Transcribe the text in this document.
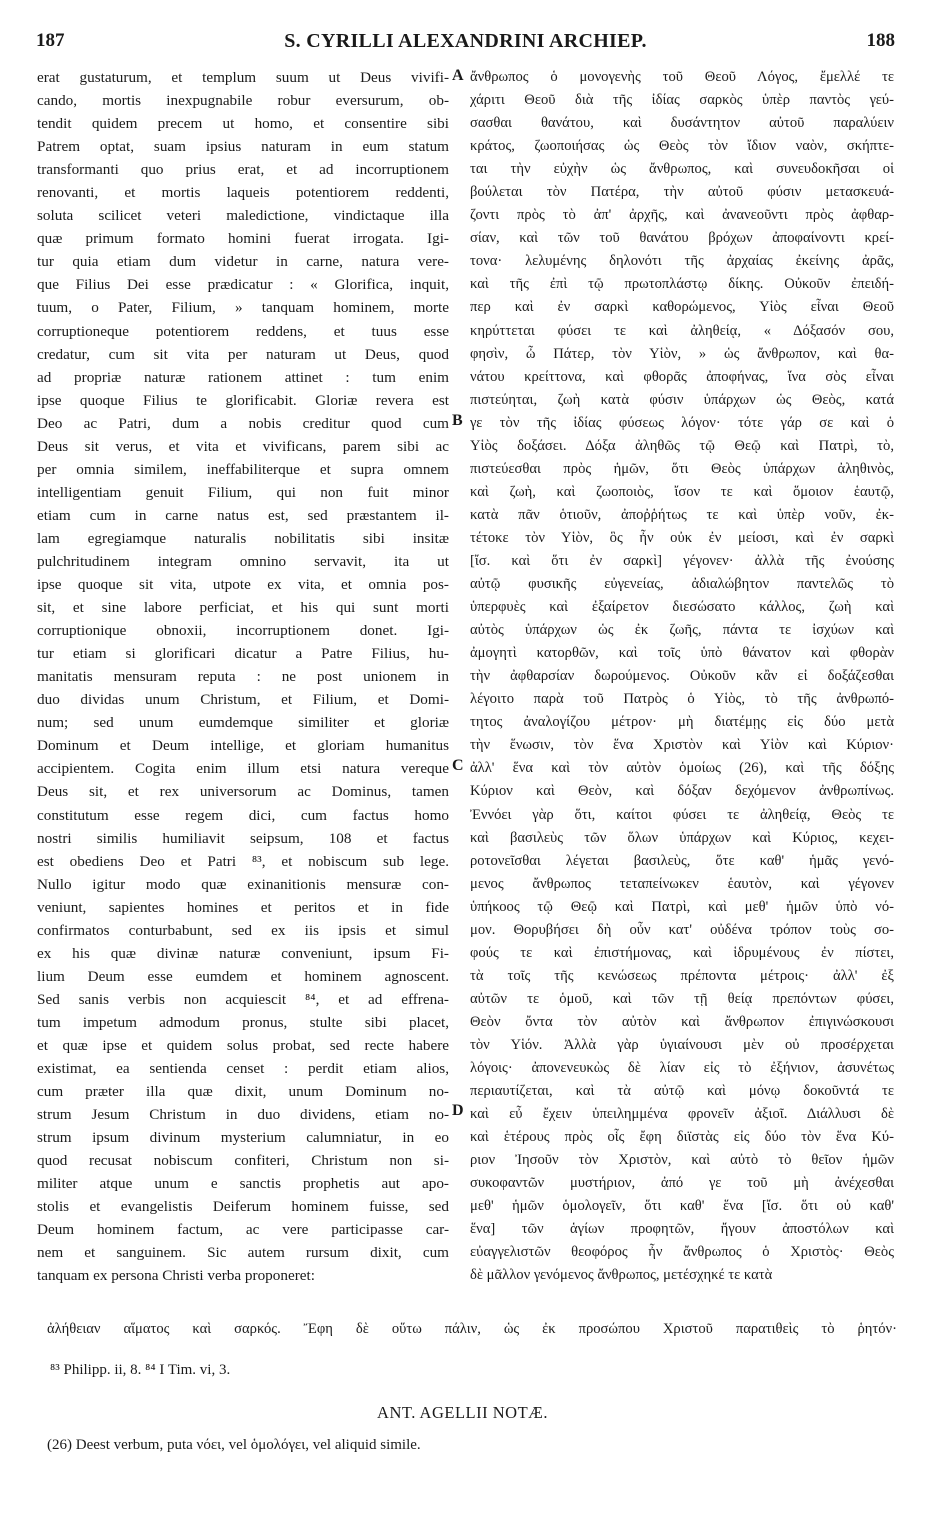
187	S. CYRILLI ALEXANDRINI ARCHIEP.	188
erat gustaturum, et templum suum ut Deus vivifi-
cando, mortis inexpugnabile robur eversurum, ob-
tendit quidem precem ut homo, et consentire sibi
Patrem optat, suam ipsius naturam in eum statum
transformanti quo prius erat, et ad incorruptionem
renovanti, et mortis laqueis potentiorem reddenti,
soluta scilicet veteri maledictione, vindictaque illa
quæ primum formato homini fuerat irrogata. Igi-
tur quia etiam dum videtur in carne, natura vere-
que Filius Dei esse prædicatur : « Glorifica, inquit,
tuum, o Pater, Filium, » tanquam hominem, morte
corruptioneque potentiorem reddens, et tuus esse
credatur, cum sit vita per naturam ut Deus, quod
ad propriæ naturæ rationem attinet : tum enim
ipse quoque Filius te glorificabit. Gloriæ revera est
Deo ac Patri, dum a nobis creditur quod cum
Deus sit verus, et vita et vivificans, parem sibi ac
per omnia similem, ineffabiliterque et supra omnem
intelligentiam genuit Filium, qui non fuit minor
etiam cum in carne natus est, sed præstantem il-
lam egregiamque naturalis nobilitatis sibi insitæ
pulchritudinem integram omnino servavit, ita ut
ipse quoque sit vita, utpote ex vita, et omnia pos-
sit, et sine labore perficiat, et his qui sunt morti
corruptionique obnoxii, incorruptionem donet. Igi-
tur etiam si glorificari dicatur a Patre Filius, hu-
manitatis mensuram reputa : ne post unionem in
duo dividas unum Christum, et Filium, et Domi-
num; sed unum eumdemque similiter et gloriæ
Dominum et Deum intellige, et gloriam humanitus
accipientem. Cogita enim illum etsi natura vereque
Deus sit, et rex universorum ac Dominus, tamen
constitutum esse regem dici, cum factus homo
nostri similis humiliavit seipsum, 108 et factus
est obediens Deo et Patri ⁸³, et nobiscum sub lege.
Nullo igitur modo quæ exinanitionis mensuræ con-
veniunt, sapientes homines et peritos et in fide
confirmatos conturbabunt, sed ex iis ipsis et simul
ex his quæ divinæ naturæ conveniunt, ipsum Fi-
lium Deum esse eumdem et hominem agnoscent.
Sed sanis verbis non acquiescit ⁸⁴, et ad effrena-
tum impetum admodum pronus, stulte sibi placet,
et quæ ipse et quidem solus probat, sed recte habere
existimat, ea sentienda censet : perdit etiam alios,
cum præter illa quæ dixit, unum Dominum no-
strum Jesum Christum in duo dividens, etiam no-
strum ipsum divinum mysterium calumniatur, in eo
quod recusat nobiscum confiteri, Christum non si-
militer atque unum e sanctis prophetis aut apo-
stolis et evangelistis Deiferum hominem fuisse, sed
Deum hominem factum, ac vere participasse car-
nem et sanguinem. Sic autem rursum dixit, cum
tanquam ex persona Christi verba proponeret:
A
B
C
D
ἄνθρωπος ὁ μονογενὴς τοῦ Θεοῦ Λόγος, ἔμελλέ τε
χάριτι Θεοῦ διὰ τῆς ἰδίας σαρκὸς ὑπὲρ παντὸς γεύ-
σασθαι θανάτου, καὶ δυσάντητον αὐτοῦ παραλύειν
κράτος, ζωοποιήσας ὡς Θεὸς τὸν ἴδιον ναὸν, σκήπτε-
ται τὴν εὐχὴν ὡς ἄνθρωπος, καὶ συνευδοκῆσαι οἱ
βούλεται τὸν Πατέρα, τὴν αὐτοῦ φύσιν μετασκευά-
ζοντι πρὸς τὸ ἀπ' ἀρχῆς, καὶ ἀνανεοῦντι πρὸς ἀφθαρ-
σίαν, καὶ τῶν τοῦ θανάτου βρόχων ἀποφαίνοντι κρεί-
τονα· λελυμένης δηλονότι τῆς ἀρχαίας ἐκείνης ἀρᾶς,
καὶ τῆς ἐπὶ τῷ πρωτοπλάστῳ δίκης. Οὐκοῦν ἐπειδή-
περ καὶ ἐν σαρκὶ καθορώμενος, Υἱὸς εἶναι Θεοῦ
κηρύττεται φύσει τε καὶ ἀληθείᾳ, « Δόξασόν σου,
φησὶν, ὦ Πάτερ, τὸν Υἱὸν, » ὡς ἄνθρωπον, καὶ θα-
νάτου κρείττονα, καὶ φθορᾶς ἀποφήνας, ἵνα σὸς εἶναι
πιστεύηται, ζωὴ κατὰ φύσιν ὑπάρχων ὡς Θεὸς, κατά
γε τὸν τῆς ἰδίας φύσεως λόγον· τότε γάρ σε καὶ ὁ
Υἱὸς δοξάσει. Δόξα ἀληθῶς τῷ Θεῷ καὶ Πατρὶ, τὸ,
πιστεύεσθαι πρὸς ἡμῶν, ὅτι Θεὸς ὑπάρχων ἀληθινὸς,
καὶ ζωὴ, καὶ ζωοποιὸς, ἴσον τε καὶ ὅμοιον ἑαυτῷ,
κατὰ πᾶν ὁτιοῦν, ἀποῤῥήτως τε καὶ ὑπὲρ νοῦν, ἐκ-
τέτοκε τὸν Υἱὸν, ὃς ἦν οὐκ ἐν μείοσι, καὶ ἐν σαρκὶ
[ἴσ. καὶ ὅτι ἐν σαρκὶ] γέγονεν· ἀλλὰ τῆς ἐνούσης
αὐτῷ φυσικῆς εὐγενείας, ἀδιαλώβητον παντελῶς τὸ
ὑπερφυὲς καὶ ἐξαίρετον διεσώσατο κάλλος, ζωὴ καὶ
αὐτὸς ὑπάρχων ὡς ἐκ ζωῆς, πάντα τε ἰσχύων καὶ
ἀμογητὶ κατορθῶν, καὶ τοῖς ὑπὸ θάνατον καὶ φθορὰν
τὴν ἀφθαρσίαν δωρούμενος. Οὐκοῦν κἂν εἰ δοξάζεσθαι
λέγοιτο παρὰ τοῦ Πατρὸς ὁ Υἱὸς, τὸ τῆς ἀνθρωπό-
τητος ἀναλογίζου μέτρον· μὴ διατέμῃς εἰς δύο μετὰ
τὴν ἕνωσιν, τὸν ἕνα Χριστὸν καὶ Υἱὸν καὶ Κύριον·
ἀλλ' ἕνα καὶ τὸν αὐτὸν ὁμοίως (26), καὶ τῆς δόξης
Κύριον καὶ Θεὸν, καὶ δόξαν δεχόμενον ἀνθρωπίνως.
Ἐννόει γὰρ ὅτι, καίτοι φύσει τε ἀληθείᾳ, Θεὸς τε
καὶ βασιλεὺς τῶν ὅλων ὑπάρχων καὶ Κύριος, κεχει-
ροτονεῖσθαι λέγεται βασιλεὺς, ὅτε καθ' ἡμᾶς γενό-
μενος ἄνθρωπος τεταπείνωκεν ἑαυτὸν, καὶ γέγονεν
ὑπήκοος τῷ Θεῷ καὶ Πατρὶ, καὶ μεθ' ἡμῶν ὑπὸ νό-
μον. Θορυβήσει δὴ οὖν κατ' οὐδένα τρόπον τοὺς σο-
φούς τε καὶ ἐπιστήμονας, καὶ ἱδρυμένους ἐν πίστει,
τὰ τοῖς τῆς κενώσεως πρέποντα μέτροις· ἀλλ' ἐξ
αὐτῶν τε ὁμοῦ, καὶ τῶν τῇ θείᾳ πρεπόντων φύσει,
Θεὸν ὄντα τὸν αὐτὸν καὶ ἄνθρωπον ἐπιγινώσκουσι
τὸν Υἱόν. Ἀλλὰ γὰρ ὑγιαίνουσι μὲν οὐ προσέρχεται
λόγοις· ἀπονενευκὼς δὲ λίαν εἰς τὸ ἐξήνιον, ἀσυνέτως
περιαυτίζεται, καὶ τὰ αὐτῷ καὶ μόνῳ δοκοῦντά τε
καὶ εὖ ἔχειν ὑπειλημμένα φρονεῖν ἀξιοῖ. Διάλλυσι δὲ
καὶ ἑτέρους πρὸς οἷς ἔφη διϊστὰς εἰς δύο τὸν ἕνα Κύ-
ριον Ἰησοῦν τὸν Χριστὸν, καὶ αὐτὸ τὸ θεῖον ἡμῶν
συκοφαντῶν μυστήριον, ἀπό γε τοῦ μὴ ἀνέχεσθαι
μεθ' ἡμῶν ὁμολογεῖν, ὅτι καθ' ἕνα [ἴσ. ὅτι οὐ καθ'
ἕνα] τῶν ἁγίων προφητῶν, ἤγουν ἀποστόλων καὶ
εὐαγγελιστῶν θεοφόρος ἦν ἄνθρωπος ὁ Χριστὸς· Θεὸς
δὲ μᾶλλον γενόμενος ἄνθρωπος, μετέσχηκέ τε κατὰ
ἀλήθειαν αἵματος καὶ σαρκός. Ἔφη δὲ οὕτω πάλιν, ὡς ἐκ προσώπου Χριστοῦ παρατιθεὶς τὸ ῥητόν·
⁸³ Philipp. ii, 8. ⁸⁴ I Tim. vi, 3.
ANT. AGELLII NOTÆ.
(26) Deest verbum, puta νόει, vel ὁμολόγει, vel aliquid simile.
